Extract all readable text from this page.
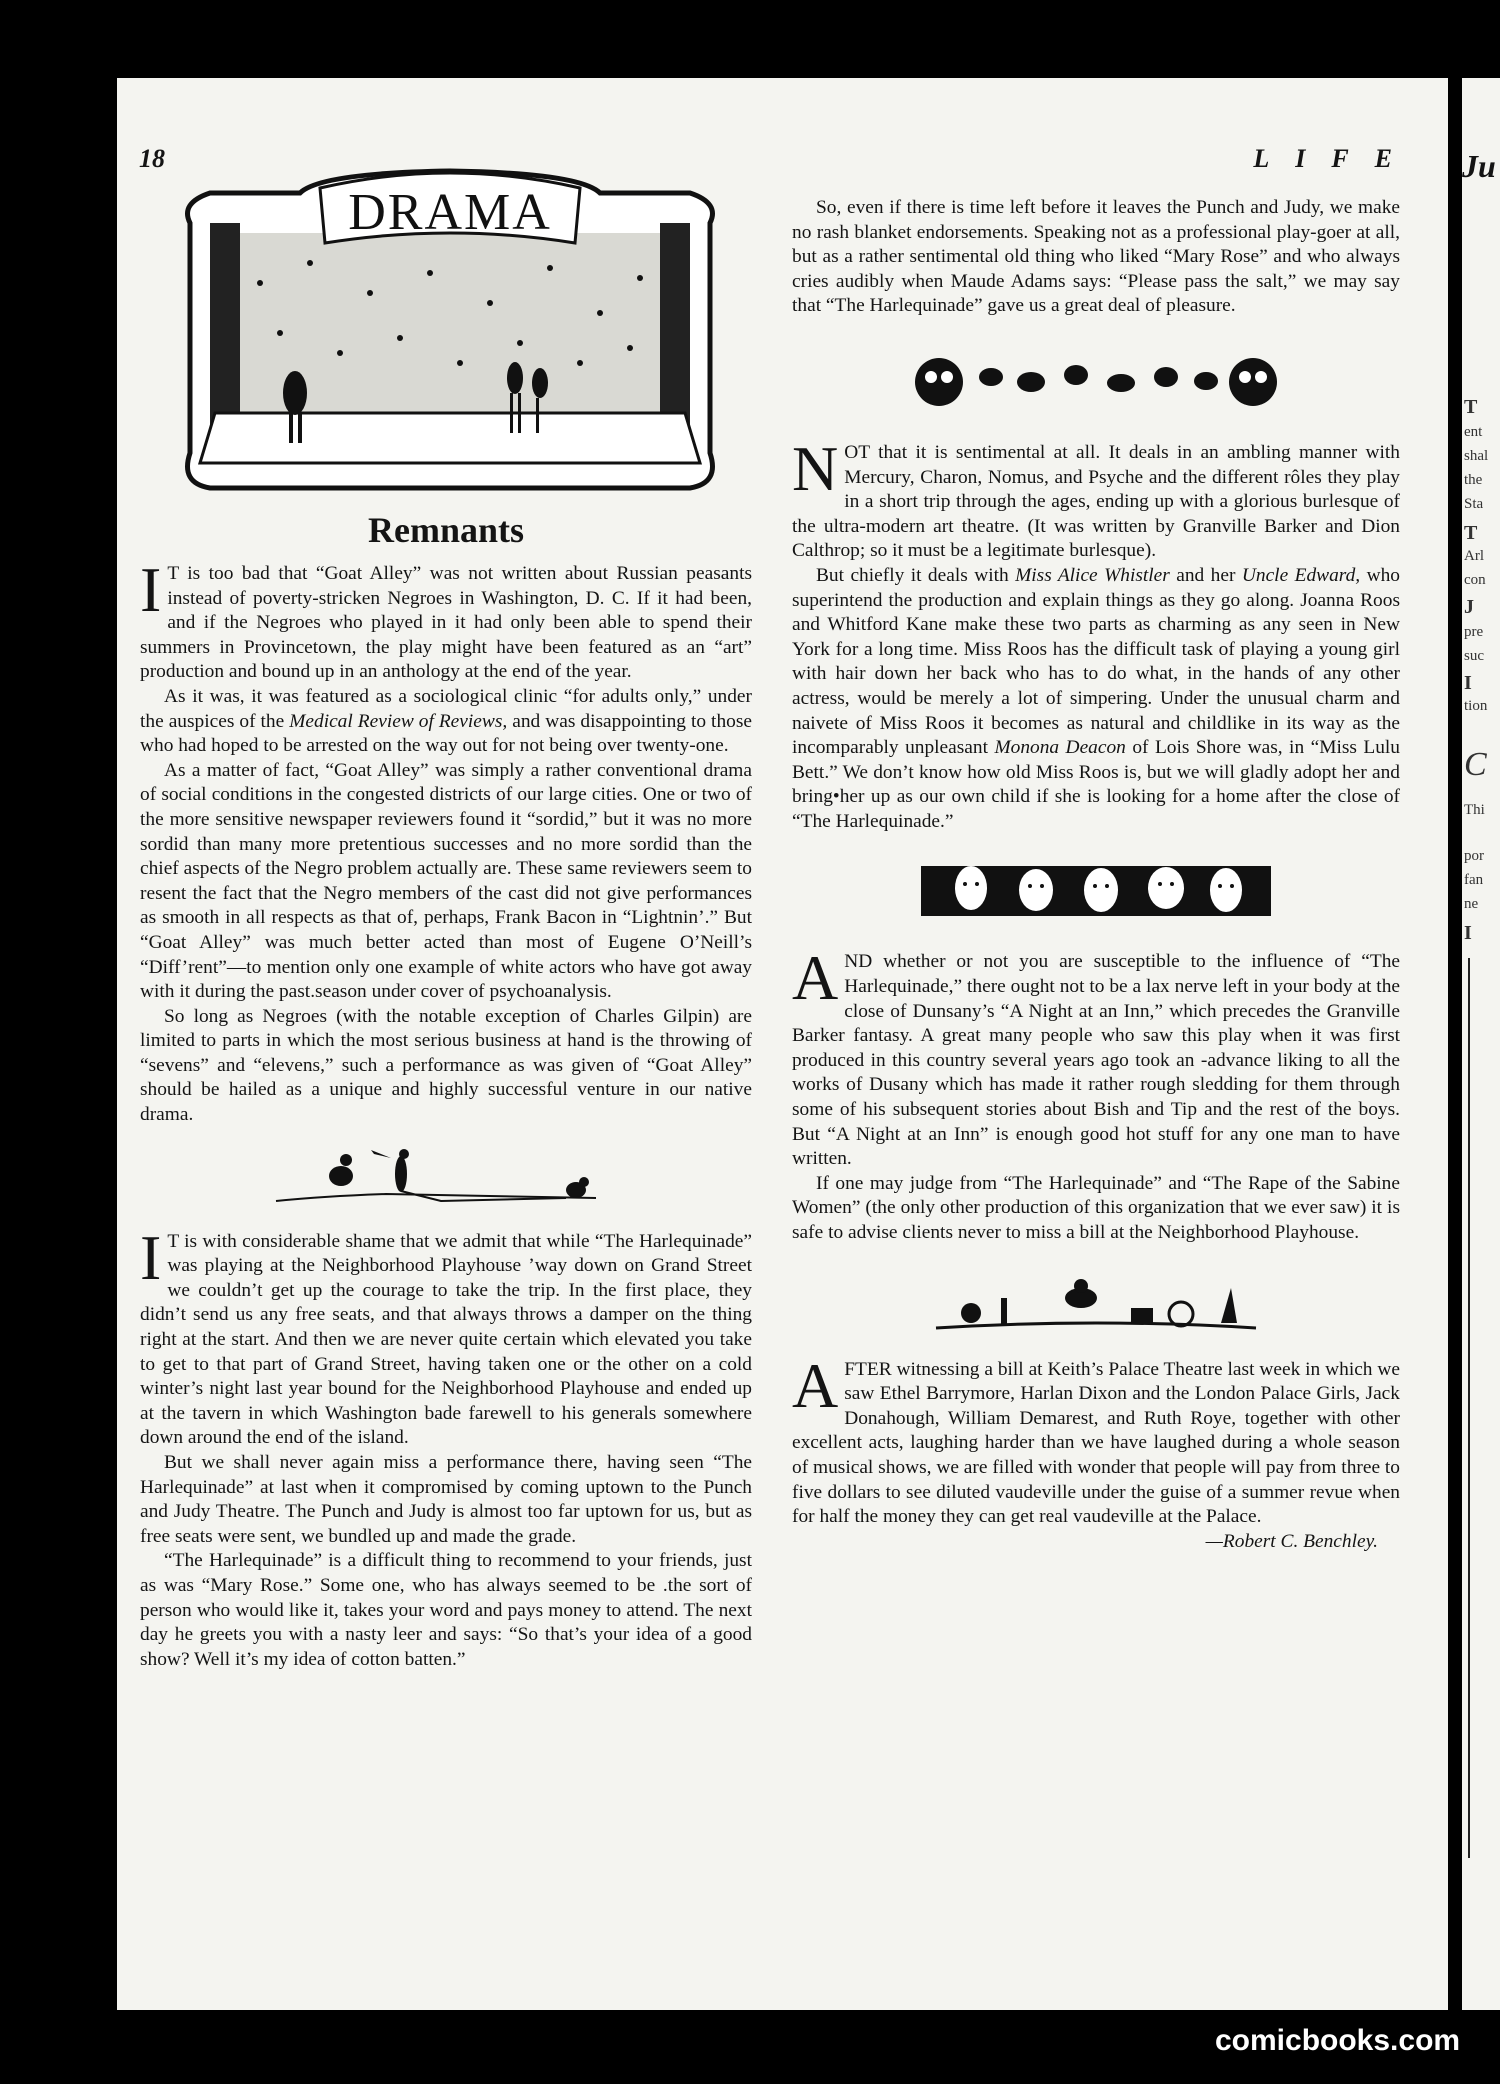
18	LIFE
DRAMA
Remnants

I T is too bad that “Goat Alley” was not written about Russian peasants instead of poverty-stricken Negroes in Washington, D. C. If it had been, and if the Negroes who played in it had only been able to spend their summers in Provincetown, the play might have been featured as an “art” production and bound up in an anthology at the end of the year.

As it was, it was featured as a sociological clinic “for adults only,” under the auspices of the Medical Review of Reviews, and was disappointing to those who had hoped to be arrested on the way out for not being over twenty-one.

As a matter of fact, “Goat Alley” was simply a rather conventional drama of social conditions in the congested districts of our large cities. One or two of the more sensitive newspaper reviewers found it “sordid,” but it was no more sordid than many more pretentious successes and no more sordid than the chief aspects of the Negro problem actually are. These same reviewers seem to resent the fact that the Negro members of the cast did not give performances as smooth in all respects as that of, perhaps, Frank Bacon in “Lightnin’.” But “Goat Alley” was much better acted than most of Eugene O’Neill’s “Diff’rent”—to mention only one example of white actors who have got away with it during the past.season under cover of psychoanalysis.

So long as Negroes (with the notable exception of Charles Gilpin) are limited to parts in which the most serious business at hand is the throwing of “sevens” and “elevens,” such a performance as was given of “Goat Alley” should be hailed as a unique and highly successful venture in our native drama.

I T is with considerable shame that we admit that while “The Harlequinade” was playing at the Neighborhood Playhouse ’way down on Grand Street we couldn’t get up the courage to take the trip. In the first place, they didn’t send us any free seats, and that always throws a damper on the thing right at the start. And then we are never quite certain which elevated you take to get to that part of Grand Street, having taken one or the other on a cold winter’s night last year bound for the Neighborhood Playhouse and ended up at the tavern in which Washington bade farewell to his generals somewhere down around the end of the island.

But we shall never again miss a performance there, having seen “The Harlequinade” at last when it compromised by coming uptown to the Punch and Judy Theatre. The Punch and Judy is almost too far uptown for us, but as free seats were sent, we bundled up and made the grade.

“The Harlequinade” is a difficult thing to recommend to your friends, just as was “Mary Rose.” Some one, who has always seemed to be .the sort of person who would like it, takes your word and pays money to attend. The next day he greets you with a nasty leer and says: “So that’s your idea of a good show? Well it’s my idea of cotton batten.”

So, even if there is time left before it leaves the Punch and Judy, we make no rash blanket endorsements. Speaking not as a professional play-goer at all, but as a rather sentimental old thing who liked “Mary Rose” and who always cries audibly when Maude Adams says: “Please pass the salt,” we may say that “The Harlequinade” gave us a great deal of pleasure.

NOT that it is sentimental at all. It deals in an ambling manner with Mercury, Charon, Nomus, and Psyche and the different rôles they play in a short trip through the ages, ending up with a glorious burlesque of the ultra-modern art theatre. (It was written by Granville Barker and Dion Calthrop; so it must be a legitimate burlesque).

But chiefly it deals with Miss Alice Whistler and her Uncle Edward, who superintend the production and explain things as they go along. Joanna Roos and Whitford Kane make these two parts as charming as any seen in New York for a long time. Miss Roos has the difficult task of playing a young girl with hair down her back who has to do what, in the hands of any other actress, would be merely a lot of simpering. Under the unusual charm and naivete of Miss Roos it becomes as natural and childlike in its way as the incomparably unpleasant Monona Deacon of Lois Shore was, in “Miss Lulu Bett.” We don’t know how old Miss Roos is, but we will gladly adopt her and bring•her up as our own child if she is looking for a home after the close of “The Harlequinade.”

AND whether or not you are susceptible to the influence of “The Harlequinade,” there ought not to be a lax nerve left in your body at the close of Dunsany’s “A Night at an Inn,” which precedes the Granville Barker fantasy. A great many people who saw this play when it was first produced in this country several years ago took an -advance liking to all the works of Dusany which has made it rather rough sledding for them through some of his subsequent stories about Bish and Tip and the rest of the boys. But “A Night at an Inn” is enough good hot stuff for any one man to have written.

If one may judge from “The Harlequinade” and “The Rape of the Sabine Women” (the only other production of this organization that we ever saw) it is safe to advise clients never to miss a bill at the Neighborhood Playhouse.

AFTER witnessing a bill at Keith’s Palace Theatre last week in which we saw Ethel Barrymore, Harlan Dixon and the London Palace Girls, Jack Donahough, William Demarest, and Ruth Roye, together with other excellent acts, laughing harder than we have laughed during a whole season of musical shows, we are filled with wonder that people will pay from three to five dollars to see diluted vaudeville under the guise of a summer revue when for half the money they can get real vaudeville at the Palace.

—Robert C. Benchley.

Ju
T
ent
shal
the
Sta
T
Arl
con
J
pre
suc
I
tion
C
Thi
por
fan
ne
I
comicbooks.com
